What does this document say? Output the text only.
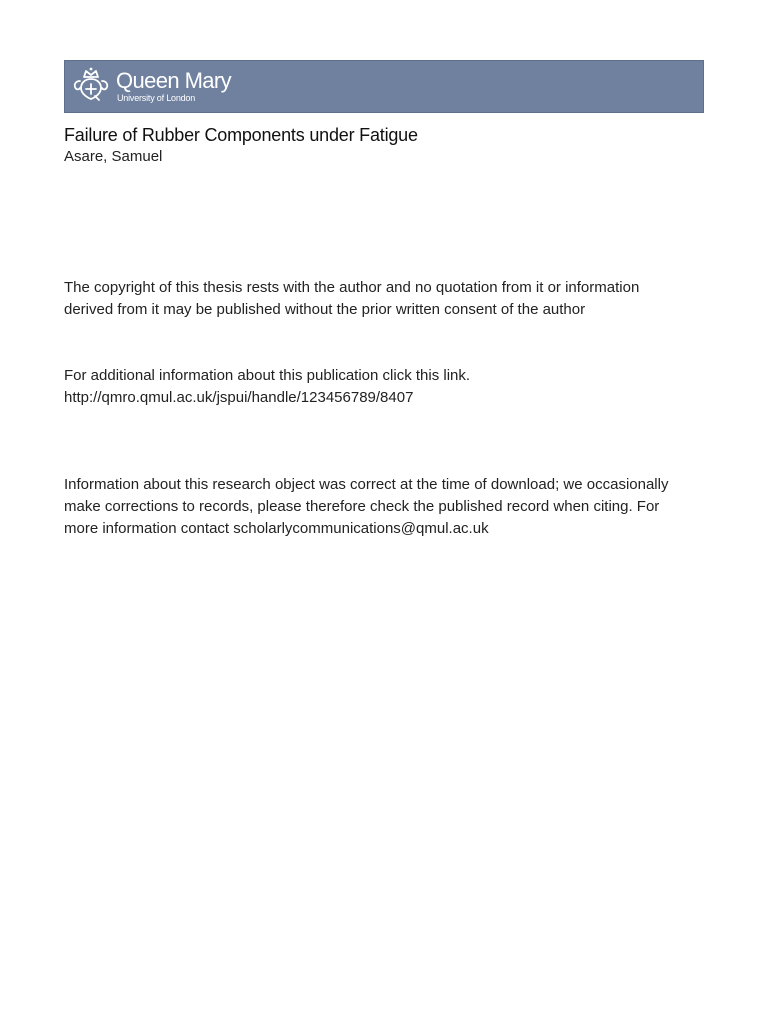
Queen Mary
University of London
Failure of Rubber Components under Fatigue
Asare, Samuel

The copyright of this thesis rests with the author and no quotation from it or information
derived from it may be published without the prior written consent of the author

For additional information about this publication click this link.
http://qmro.qmul.ac.uk/jspui/handle/123456789/8407

Information about this research object was correct at the time of download; we occasionally
make corrections to records, please therefore check the published record when citing. For
more information contact scholarlycommunications@qmul.ac.uk
